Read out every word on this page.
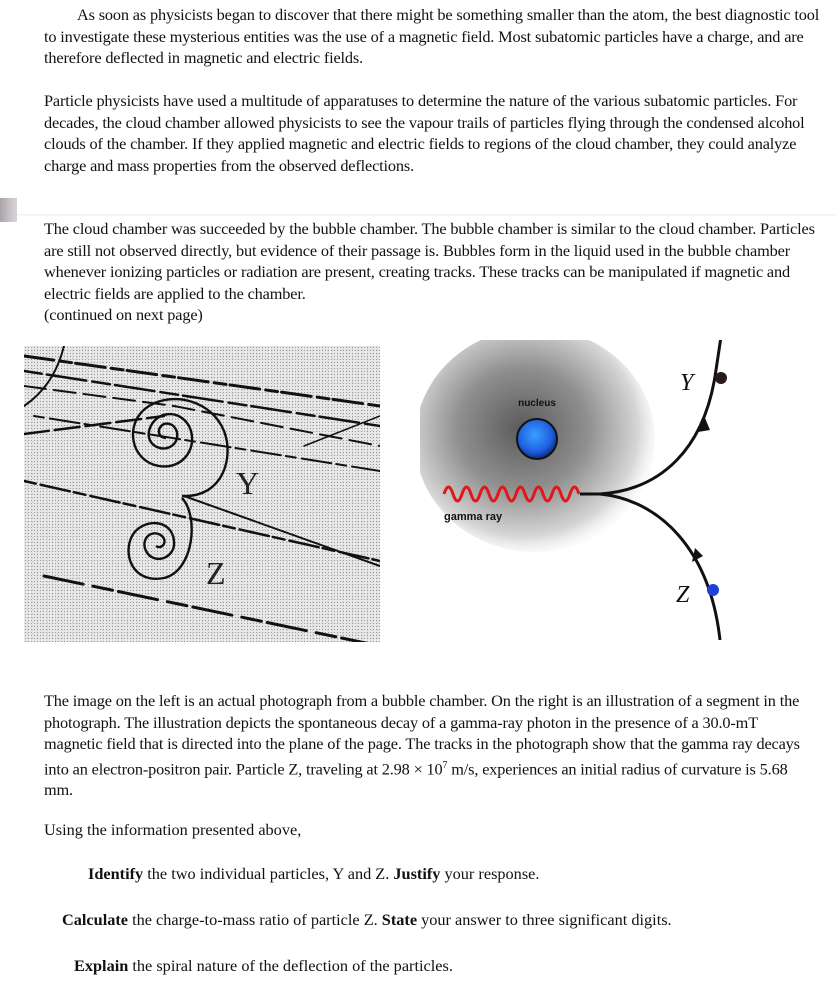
As soon as physicists began to discover that there might be something smaller than the atom, the best diagnostic tool to investigate these mysterious entities was the use of a magnetic field. Most subatomic particles have a charge, and are therefore deflected in magnetic and electric fields.
Particle physicists have used a multitude of apparatuses to determine the nature of the various subatomic particles. For decades, the cloud chamber allowed physicists to see the vapour trails of particles flying through the condensed alcohol clouds of the chamber. If they applied magnetic and electric fields to regions of the cloud chamber, they could analyze charge and mass properties from the observed deflections.
The cloud chamber was succeeded by the bubble chamber. The bubble chamber is similar to the cloud chamber. Particles are still not observed directly, but evidence of their passage is. Bubbles form in the liquid used in the bubble chamber whenever ionizing particles or radiation are present, creating tracks. These tracks can be manipulated if magnetic and electric fields are applied to the chamber.
(continued on next page)
Y
Z
nucleus
gamma ray
Y
Z
The image on the left is an actual photograph from a bubble chamber. On the right is an illustration of a segment in the photograph. The illustration depicts the spontaneous decay of a gamma-ray photon in the presence of a 30.0-mT magnetic field that is directed into the plane of the page. The tracks in the photograph show that the gamma ray decays into an electron-positron pair. Particle Z, traveling at $2.98 \times 10^7$ m/s, experiences an initial radius of curvature is 5.68 mm.
Using the information presented above,
Identify the two individual particles, Y and Z. Justify your response.
Calculate the charge-to-mass ratio of particle Z. State your answer to three significant digits.
Explain the spiral nature of the deflection of the particles.
